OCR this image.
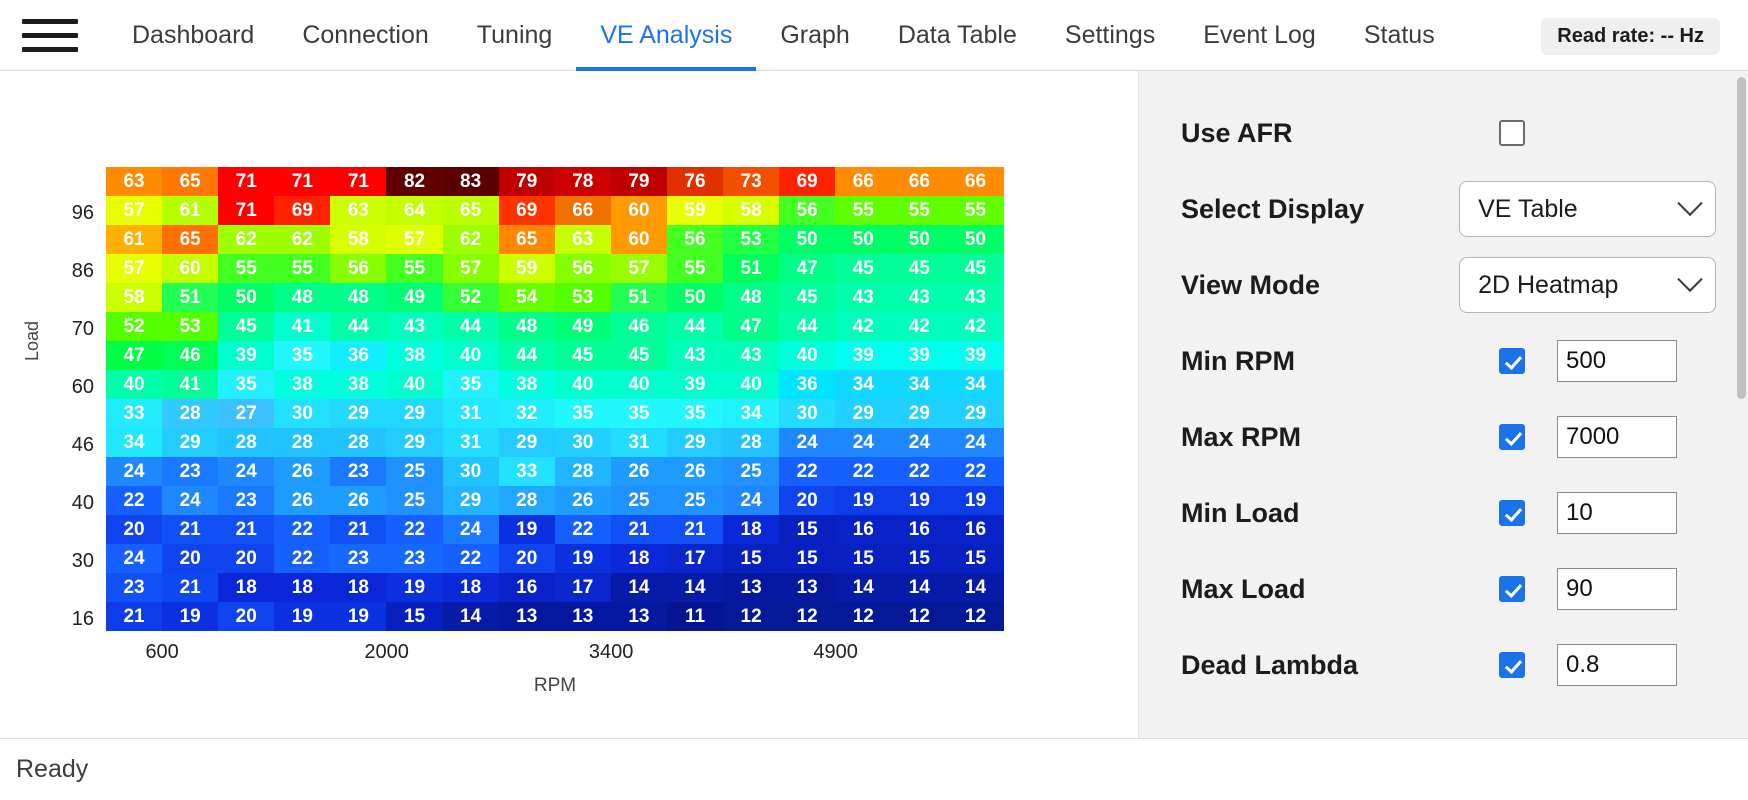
Dashboard	Connection	Tuning	VE Analysis	Graph	Data Table	Settings	Event Log	Status	Read rate: -- Hz
Load
96
86
70
60
46
40
30
16
63	65	71	71	71	82	83	79	78	79	76	73	69	66	66	66
57	61	71	69	63	64	65	69	66	60	59	58	56	55	55	55
61	65	62	62	58	57	62	65	63	60	56	53	50	50	50	50
57	60	55	55	56	55	57	59	56	57	55	51	47	45	45	45
58	51	50	48	48	49	52	54	53	51	50	48	45	43	43	43
52	53	45	41	44	43	44	48	49	46	44	47	44	42	42	42
47	46	39	35	36	38	40	44	45	45	43	43	40	39	39	39
40	41	35	38	38	40	35	38	40	40	39	40	36	34	34	34
33	28	27	30	29	29	31	32	35	35	35	34	30	29	29	29
34	29	28	28	28	29	31	29	30	31	29	28	24	24	24	24
24	23	24	26	23	25	30	33	28	26	26	25	22	22	22	22
22	24	23	26	26	25	29	28	26	25	25	24	20	19	19	19
20	21	21	22	21	22	24	19	22	21	21	18	15	16	16	16
24	20	20	22	23	23	22	20	19	18	17	15	15	15	15	15
23	21	18	18	18	19	18	16	17	14	14	13	13	14	14	14
21	19	20	19	19	15	14	13	13	13	11	12	12	12	12	12
600	2000	3400	4900
RPM
Use AFR
Select Display	VE Table
View Mode	2D Heatmap
Min RPM
500
Max RPM
7000
Min Load
10
Max Load
90
Dead Lambda
0.8
Ready
